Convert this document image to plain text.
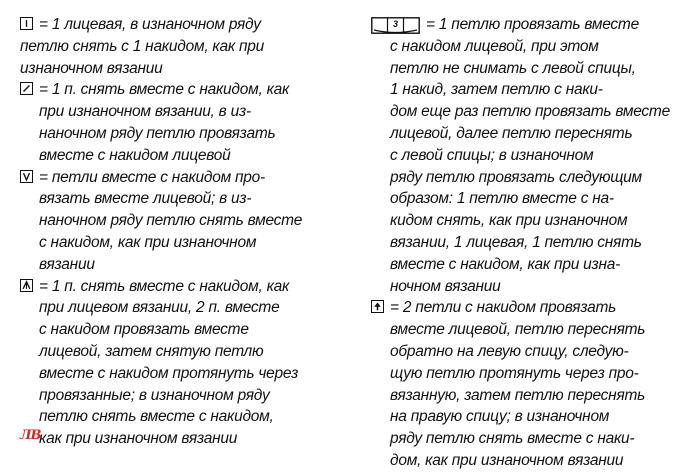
= 1 лицевая, в изнаночном ряду
петлю снять с 1 накидом, как при
изнаночном вязании
= 1 п. снять вместе с накидом, как
при изнаночном вязании, в из-
наночном ряду петлю провязать
вместе с накидом лицевой
= петли вместе с накидом про-
вязать вместе лицевой; в из-
наночном ряду петлю снять вместе
с накидом, как при изнаночном
вязании
= 1 п. снять вместе с накидом, как
при лицевом вязании, 2 п. вместе
с накидом провязать вместе
лицевой, затем снятую петлю
вместе с накидом протянуть через
провязанные; в изнаночном ряду
петлю снять вместе с накидом,
как при изнаночном вязании
3	= 1 петлю провязать вместе
с накидом лицевой, при этом
петлю не снимать с левой спицы,
1 накид, затем петлю с наки-
дом еще раз петлю провязать вместе
лицевой, далее петлю переснять
с левой спицы; в изнаночном
ряду петлю провязать следующим
образом: 1 петлю вместе с на-
кидом снять, как при изнаночном
вязании, 1 лицевая, 1 петлю снять
вместе с накидом, как при изна-
ночном вязании
= 2 петли с накидом провязать
вместе лицевой, петлю переснять
обратно на левую спицу, следую-
щую петлю протянуть через про-
вязанную, затем петлю переснять
на правую спицу; в изнаночном
ряду петлю снять вместе с наки-
дом, как при изнаночном вязании
ЛВ
